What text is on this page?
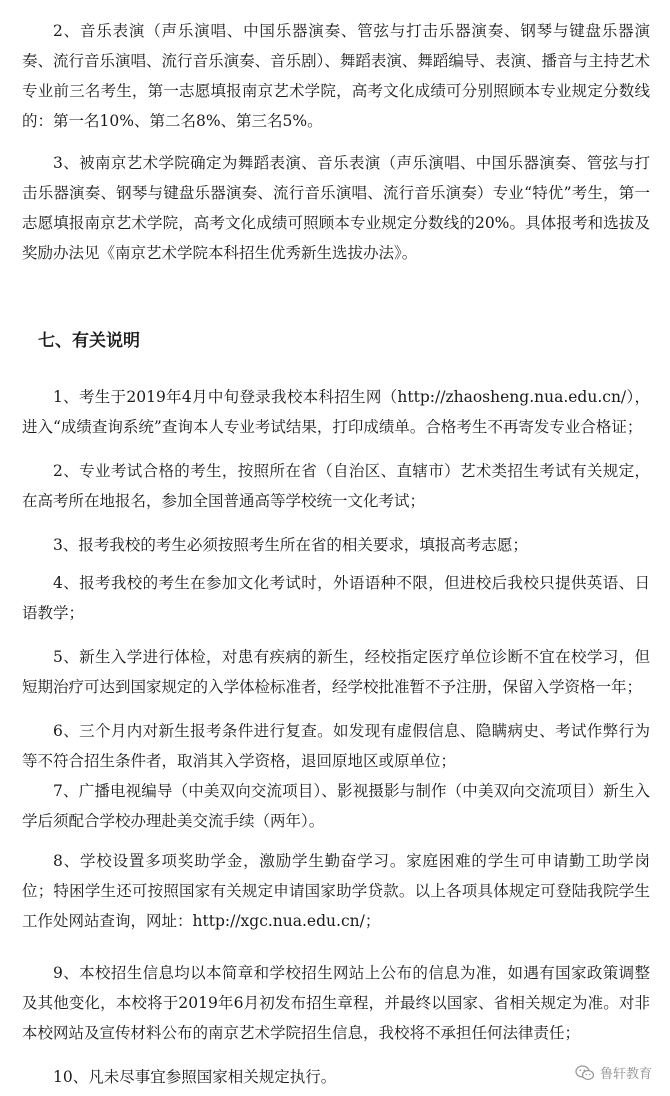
2、音乐表演（声乐演唱、中国乐器演奏、管弦与打击乐器演奏、钢琴与键盘乐器演奏、流行音乐演唱、流行音乐演奏、音乐剧）、舞蹈表演、舞蹈编导、表演、播音与主持艺术专业前三名考生，第一志愿填报南京艺术学院，高考文化成绩可分别照顾本专业规定分数线的：第一名10%、第二名8%、第三名5%。

3、被南京艺术学院确定为舞蹈表演、音乐表演（声乐演唱、中国乐器演奏、管弦与打击乐器演奏、钢琴与键盘乐器演奏、流行音乐演唱、流行音乐演奏）专业“特优”考生，第一志愿填报南京艺术学院，高考文化成绩可照顾本专业规定分数线的20%。具体报考和选拔及奖励办法见《南京艺术学院本科招生优秀新生选拔办法》。

七、有关说明

1、考生于2019年4月中旬登录我校本科招生网（http://zhaosheng.nua.edu.cn/），进入“成绩查询系统”查询本人专业考试结果，打印成绩单。合格考生不再寄发专业合格证；

2、专业考试合格的考生，按照所在省（自治区、直辖市）艺术类招生考试有关规定，在高考所在地报名，参加全国普通高等学校统一文化考试；

3、报考我校的考生必须按照考生所在省的相关要求，填报高考志愿；

4、报考我校的考生在参加文化考试时，外语语种不限，但进校后我校只提供英语、日语教学；

5、新生入学进行体检，对患有疾病的新生，经校指定医疗单位诊断不宜在校学习，但短期治疗可达到国家规定的入学体检标准者，经学校批准暂不予注册，保留入学资格一年；

6、三个月内对新生报考条件进行复查。如发现有虚假信息、隐瞒病史、考试作弊行为等不符合招生条件者，取消其入学资格，退回原地区或原单位；

7、广播电视编导（中美双向交流项目）、影视摄影与制作（中美双向交流项目）新生入学后须配合学校办理赴美交流手续（两年）。

8、学校设置多项奖助学金，激励学生勤奋学习。家庭困难的学生可申请勤工助学岗位；特困学生还可按照国家有关规定申请国家助学贷款。以上各项具体规定可登陆我院学生工作处网站查询，网址：http://xgc.nua.edu.cn/；

9、本校招生信息均以本简章和学校招生网站上公布的信息为准，如遇有国家政策调整及其他变化，本校将于2019年6月初发布招生章程，并最终以国家、省相关规定为准。对非本校网站及宣传材料公布的南京艺术学院招生信息，我校将不承担任何法律责任；

10、凡未尽事宜参照国家相关规定执行。	鲁轩教育
